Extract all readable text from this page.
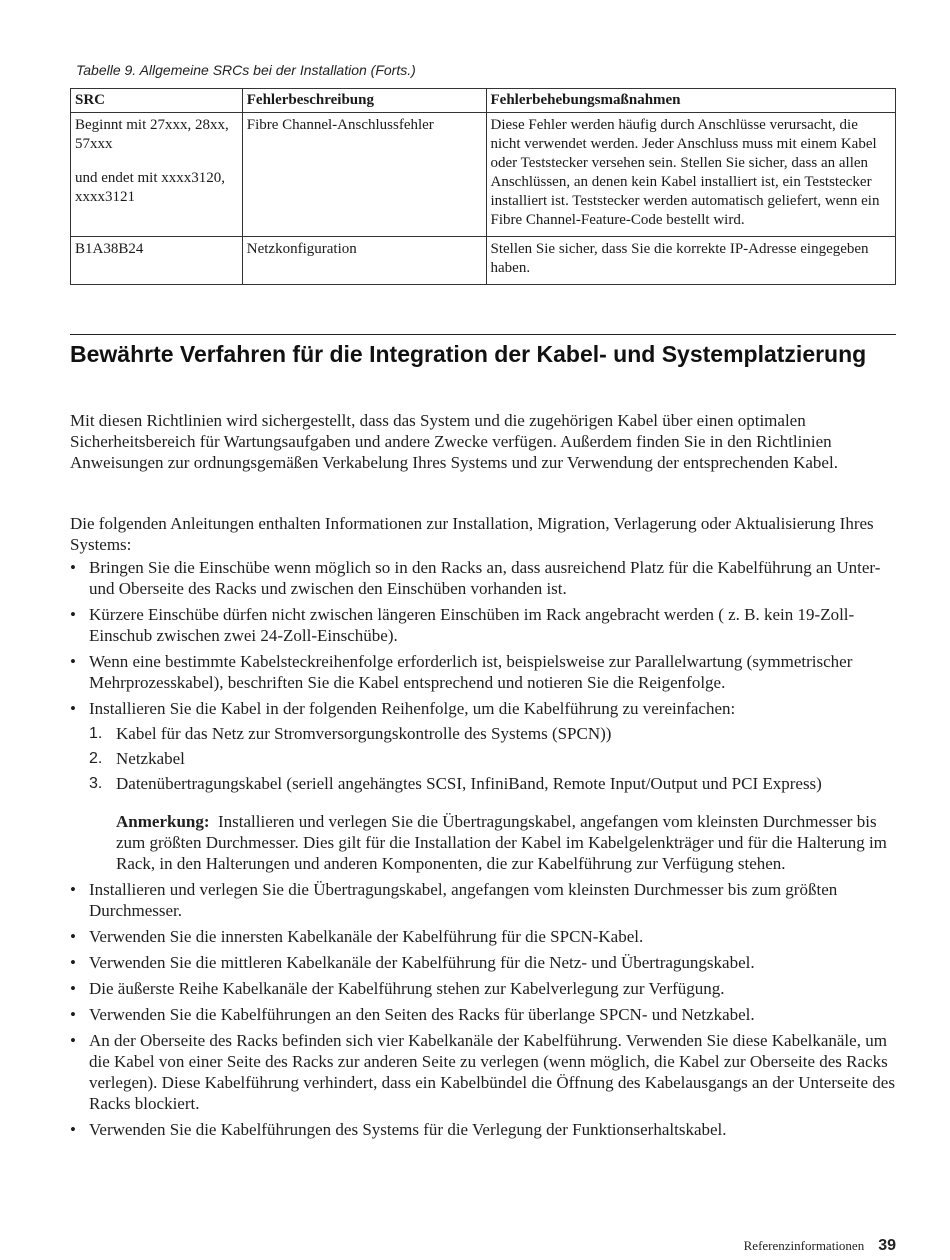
Tabelle 9. Allgemeine SRCs bei der Installation (Forts.)
SRC	Fehlerbeschreibung	Fehlerbehebungsmaßnahmen
Beginnt mit 27xxx, 28xx, 57xxx
und endet mit xxxx3120, xxxx3121	Fibre Channel-Anschlussfehler	Diese Fehler werden häufig durch Anschlüsse verursacht, die nicht verwendet werden. Jeder Anschluss muss mit einem Kabel oder Teststecker versehen sein. Stellen Sie sicher, dass an allen Anschlüssen, an denen kein Kabel installiert ist, ein Teststecker installiert ist. Teststecker werden automatisch geliefert, wenn ein Fibre Channel-Feature-Code bestellt wird.
B1A38B24	Netzkonfiguration	Stellen Sie sicher, dass Sie die korrekte IP-Adresse eingegeben haben.
Bewährte Verfahren für die Integration der Kabel- und Systemplatzierung

Mit diesen Richtlinien wird sichergestellt, dass das System und die zugehörigen Kabel über einen optimalen Sicherheitsbereich für Wartungsaufgaben und andere Zwecke verfügen. Außerdem finden Sie in den Richtlinien Anweisungen zur ordnungsgemäßen Verkabelung Ihres Systems und zur Verwendung der entsprechenden Kabel.

Die folgenden Anleitungen enthalten Informationen zur Installation, Migration, Verlagerung oder Aktualisierung Ihres Systems:

• Bringen Sie die Einschübe wenn möglich so in den Racks an, dass ausreichend Platz für die Kabelführung an Unter- und Oberseite des Racks und zwischen den Einschüben vorhanden ist.
• Kürzere Einschübe dürfen nicht zwischen längeren Einschüben im Rack angebracht werden ( z. B. kein 19-Zoll-Einschub zwischen zwei 24-Zoll-Einschübe).
• Wenn eine bestimmte Kabelsteckreihenfolge erforderlich ist, beispielsweise zur Parallelwartung (symmetrischer Mehrprozesskabel), beschriften Sie die Kabel entsprechend und notieren Sie die Reigenfolge.
• Installieren Sie die Kabel in der folgenden Reihenfolge, um die Kabelführung zu vereinfachen:
1. Kabel für das Netz zur Stromversorgungskontrolle des Systems (SPCN))
2. Netzkabel
3. Datenübertragungskabel (seriell angehängtes SCSI, InfiniBand, Remote Input/Output und PCI Express)
Anmerkung: Installieren und verlegen Sie die Übertragungskabel, angefangen vom kleinsten Durchmesser bis zum größten Durchmesser. Dies gilt für die Installation der Kabel im Kabelgelenkträger und für die Halterung im Rack, in den Halterungen und anderen Komponenten, die zur Kabelführung zur Verfügung stehen.
• Installieren und verlegen Sie die Übertragungskabel, angefangen vom kleinsten Durchmesser bis zum größten Durchmesser.
• Verwenden Sie die innersten Kabelkanäle der Kabelführung für die SPCN-Kabel.
• Verwenden Sie die mittleren Kabelkanäle der Kabelführung für die Netz- und Übertragungskabel.
• Die äußerste Reihe Kabelkanäle der Kabelführung stehen zur Kabelverlegung zur Verfügung.
• Verwenden Sie die Kabelführungen an den Seiten des Racks für überlange SPCN- und Netzkabel.
• An der Oberseite des Racks befinden sich vier Kabelkanäle der Kabelführung. Verwenden Sie diese Kabelkanäle, um die Kabel von einer Seite des Racks zur anderen Seite zu verlegen (wenn möglich, die Kabel zur Oberseite des Racks verlegen). Diese Kabelführung verhindert, dass ein Kabelbündel die Öffnung des Kabelausgangs an der Unterseite des Racks blockiert.
• Verwenden Sie die Kabelführungen des Systems für die Verlegung der Funktionserhaltskabel.
Referenzinformationen 39
